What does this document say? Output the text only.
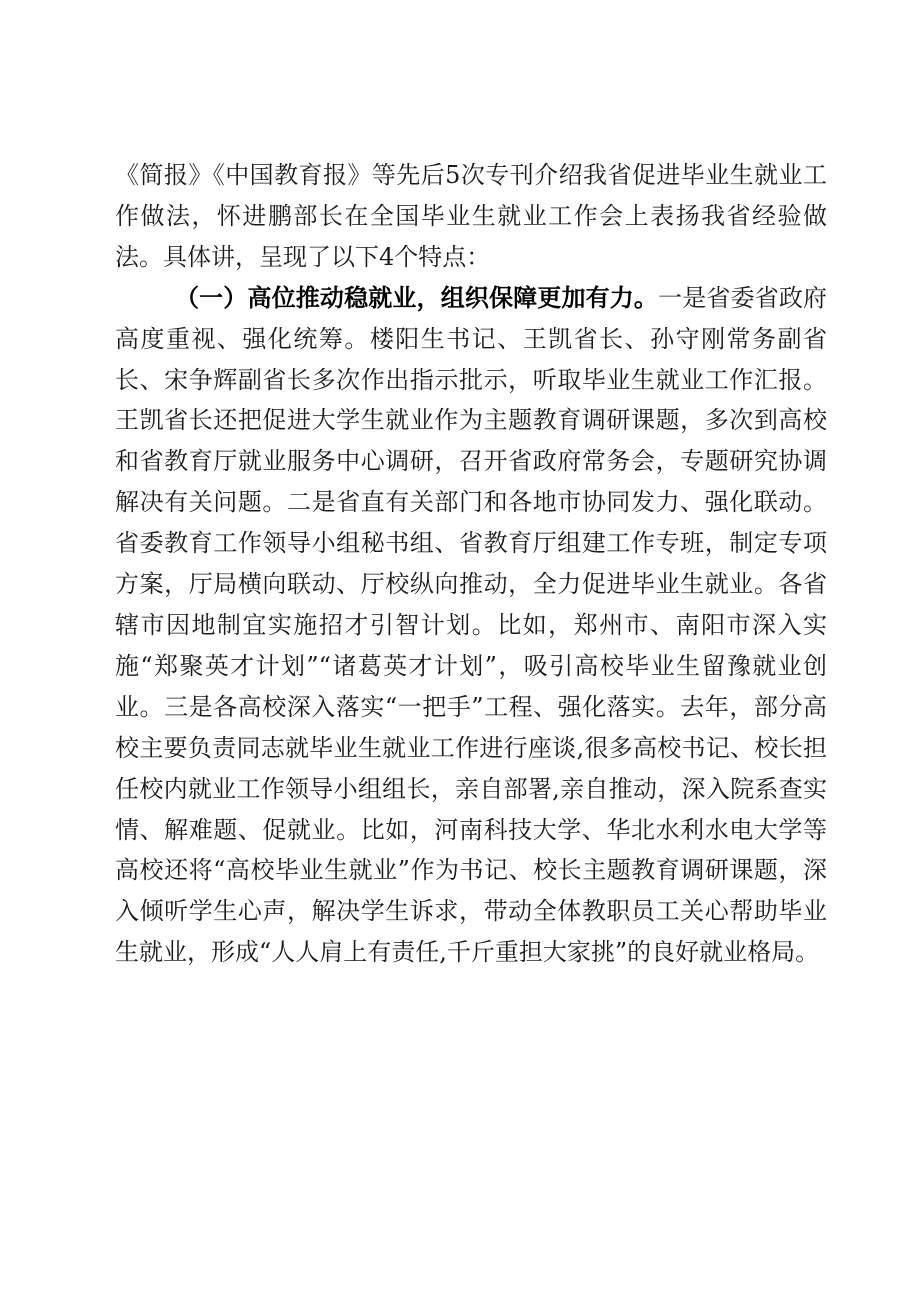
《简报》《中国教育报》等先后5次专刊介绍我省促进毕业生就业工作做法，怀进鹏部长在全国毕业生就业工作会上表扬我省经验做法。具体讲，呈现了以下4个特点：

（一）高位推动稳就业，组织保障更加有力。一是省委省政府高度重视、强化统筹。楼阳生书记、王凯省长、孙守刚常务副省长、宋争辉副省长多次作出指示批示，听取毕业生就业工作汇报。王凯省长还把促进大学生就业作为主题教育调研课题，多次到高校和省教育厅就业服务中心调研，召开省政府常务会，专题研究协调解决有关问题。二是省直有关部门和各地市协同发力、强化联动。省委教育工作领导小组秘书组、省教育厅组建工作专班，制定专项方案，厅局横向联动、厅校纵向推动，全力促进毕业生就业。各省辖市因地制宜实施招才引智计划。比如，郑州市、南阳市深入实施“郑聚英才计划”“诸葛英才计划”，吸引高校毕业生留豫就业创业。三是各高校深入落实“一把手”工程、强化落实。去年，部分高校主要负责同志就毕业生就业工作进行座谈,很多高校书记、校长担任校内就业工作领导小组组长，亲自部署,亲自推动，深入院系查实情、解难题、促就业。比如，河南科技大学、华北水利水电大学等高校还将“高校毕业生就业”作为书记、校长主题教育调研课题，深入倾听学生心声，解决学生诉求，带动全体教职员工关心帮助毕业生就业，形成“人人肩上有责任,千斤重担大家挑”的良好就业格局。
